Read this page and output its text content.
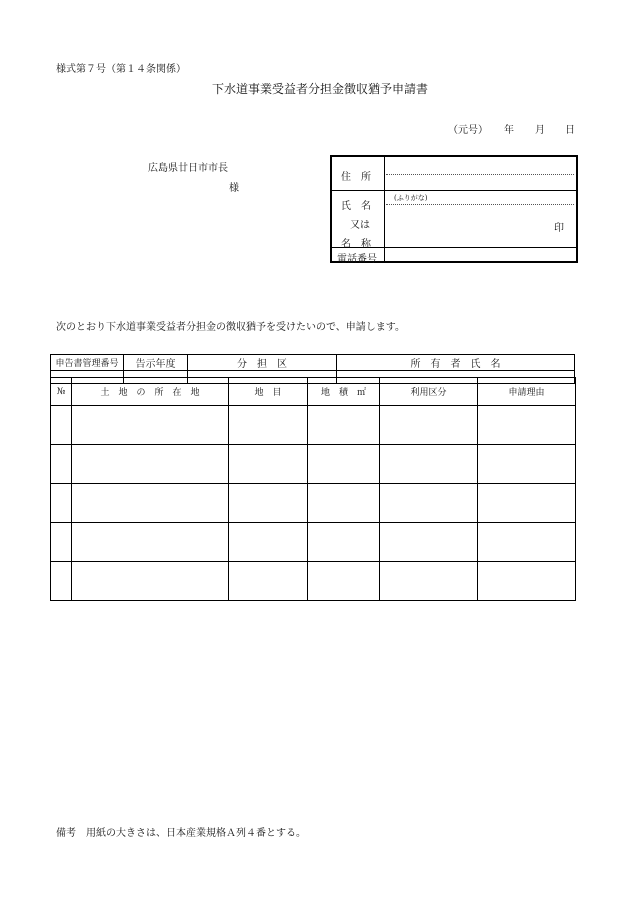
様式第７号（第１４条関係）
下水道事業受益者分担金徴収猶予申請書
（元号） 年 月 日
広島県廿日市市長
様
住　所
氏　名
又は
名　称
(ふりがな)
印
電話番号
次のとおり下水道事業受益者分担金の徴収猶予を受けたいので、申請します。
申告書管理番号	告示年度	分　担　区	所　有　者　氏　名

№	土　地　の　所　在　地	地　目	地　積　㎡	利用区分	申請理由

備考　用紙の大きさは、日本産業規格Ａ列４番とする。
